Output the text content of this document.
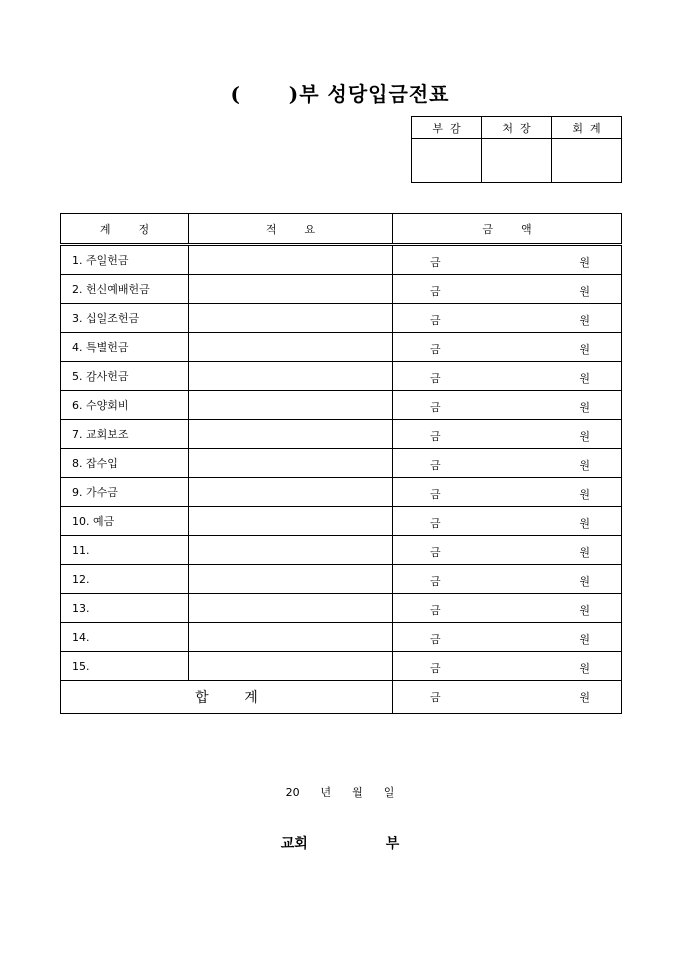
(      )부 성당입금전표
부  감	처  장	회  계

계        정	적        요	금        액
1. 주일헌금		금 원

2. 헌신예배헌금		금 원

3. 십일조헌금		금 원

4. 특별헌금		금 원

5. 감사헌금		금 원

6. 수양회비		금 원

7. 교회보조		금 원

8. 잡수입		금 원

9. 가수금		금 원

10. 예금		금 원

11.		금 원

12.		금 원

13.		금 원

14.		금 원

15.		금 원

합        계		금 원
20      년      월      일
교회                부
